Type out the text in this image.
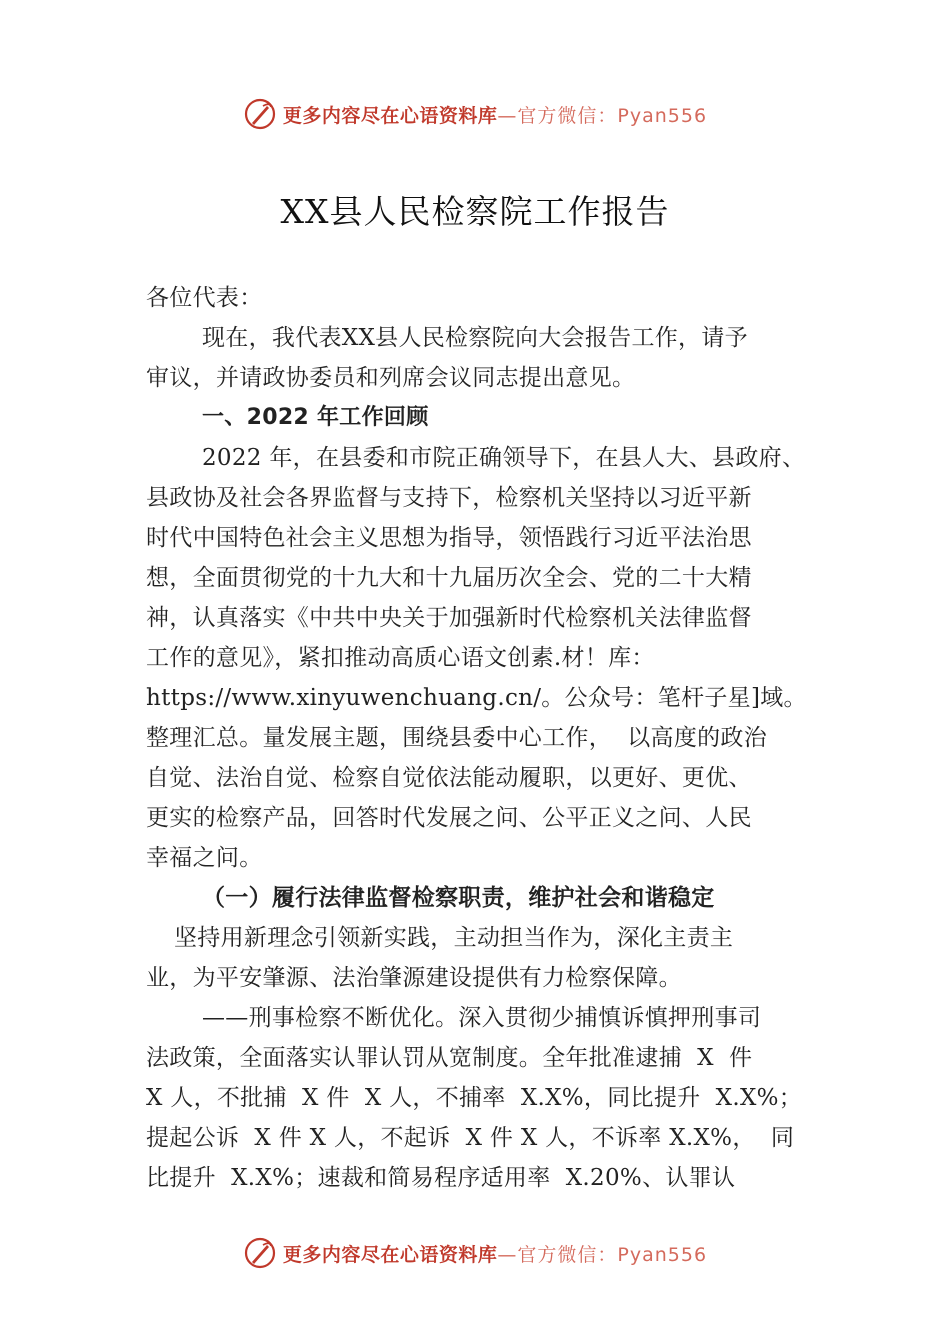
更多内容尽在心语资料库 —官方微信：Pyan556
XX县人民检察院工作报告
各位代表：
现在，我代表XX县人民检察院向大会报告工作，请予
审议，并请政协委员和列席会议同志提出意见。
一、2022 年工作回顾
2022 年，在县委和市院正确领导下，在县人大、县政府、
县政协及社会各界监督与支持下，检察机关坚持以习近平新
时代中国特色社会主义思想为指导，领悟践行习近平法治思
想，全面贯彻党的十九大和十九届历次全会、党的二十大精
神，认真落实《中共中央关于加强新时代检察机关法律监督
工作的意见》，紧扣推动高质心语文创素.材！库：
https://www.xinyuwenchuang.cn/。公众号：笔杆子星]域。
整理汇总。量发展主题，围绕县委中心工作，  以高度的政治
自觉、法治自觉、检察自觉依法能动履职，以更好、更优、
更实的检察产品，回答时代发展之问、公平正义之问、人民
幸福之问。
（一）履行法律监督检察职责，维护社会和谐稳定
坚持用新理念引领新实践，主动担当作为，深化主责主
业，为平安肇源、法治肇源建设提供有力检察保障。
——刑事检察不断优化。深入贯彻少捕慎诉慎押刑事司
法政策，全面落实认罪认罚从宽制度。全年批准逮捕  X  件
X 人，不批捕  X 件  X 人，不捕率  X.X%，同比提升  X.X%；
提起公诉  X 件 X 人，不起诉  X 件 X 人，不诉率 X.X%，  同
比提升  X.X%；速裁和简易程序适用率  X.20%、认罪认
更多内容尽在心语资料库 —官方微信：Pyan556
